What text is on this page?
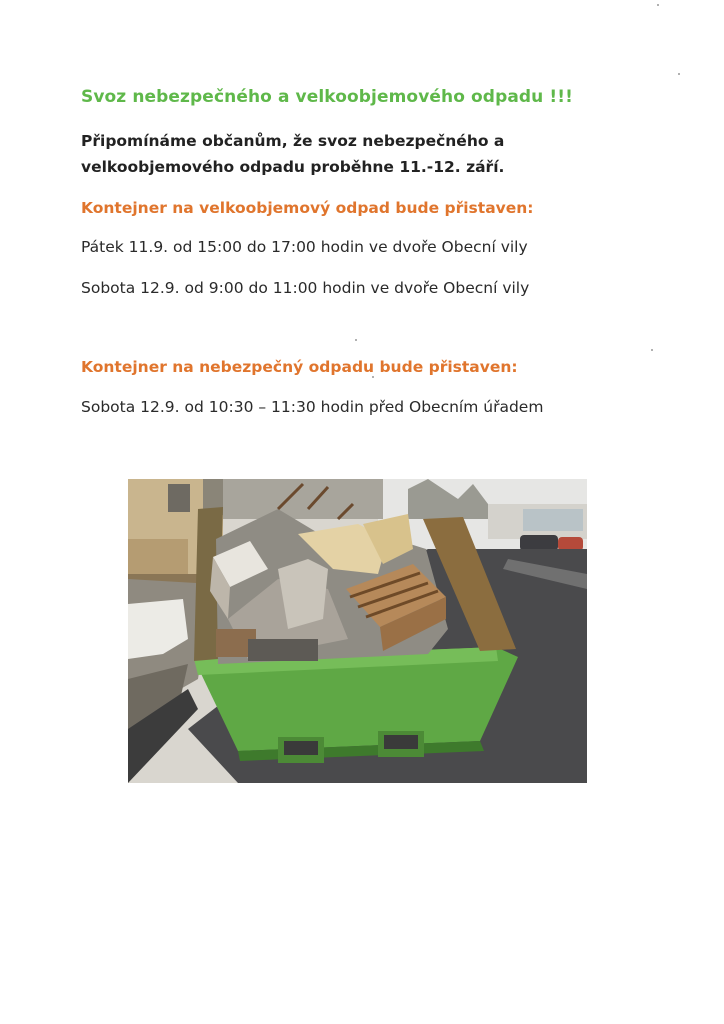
Svoz nebezpečného a velkoobjemového odpadu !!!

Připomínáme občanům, že svoz nebezpečného a velkoobjemového odpadu proběhne 11.-12. září.

Kontejner na velkoobjemový odpad bude přistaven:

Pátek 11.9. od 15:00 do 17:00 hodin ve dvoře Obecní vily

Sobota 12.9. od 9:00 do 11:00 hodin ve dvoře Obecní vily

Kontejner na nebezpečný odpadu bude přistaven:

Sobota 12.9. od 10:30 – 11:30 hodin před Obecním úřadem
